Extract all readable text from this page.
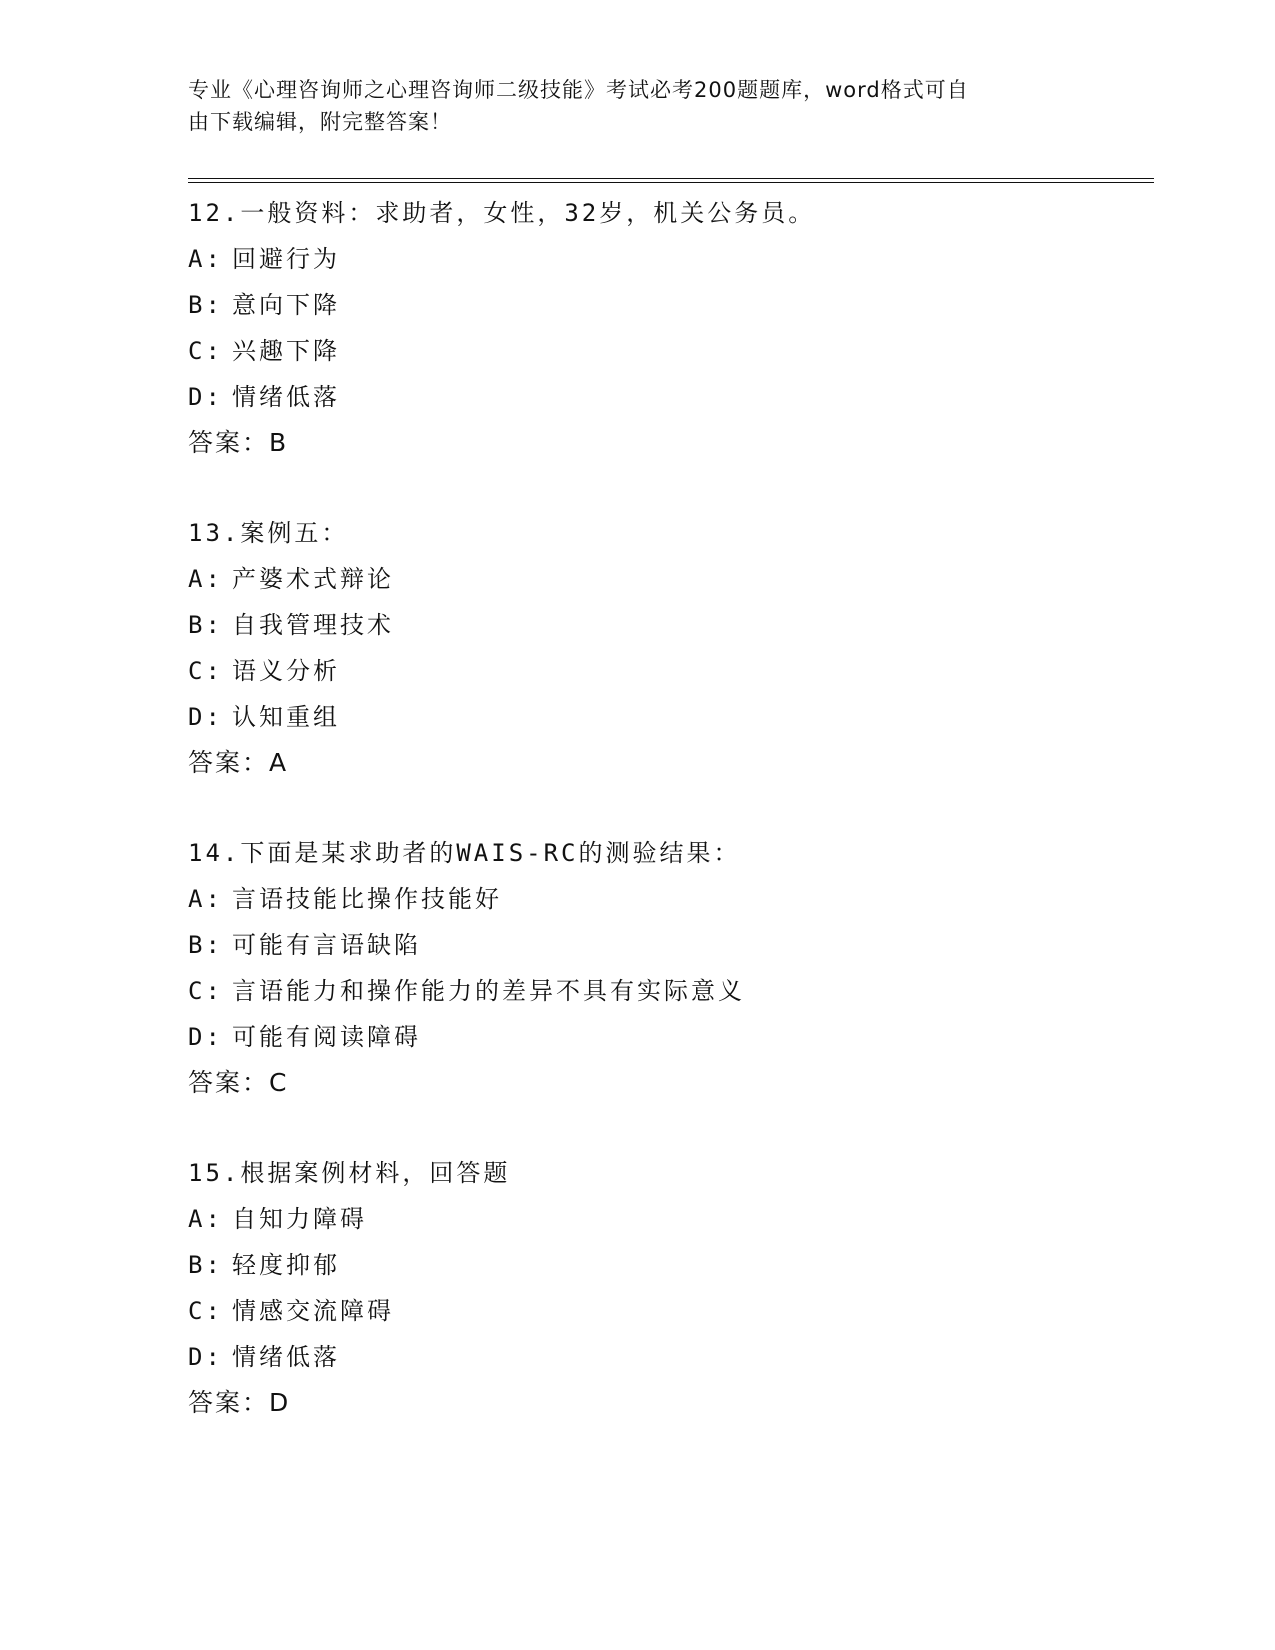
专业《心理咨询师之心理咨询师二级技能》考试必考200题题库，word格式可自
由下载编辑，附完整答案！
12.一般资料：求助者，女性，32岁，机关公务员。
A: 回避行为
B: 意向下降
C: 兴趣下降
D: 情绪低落
答案：B
13.案例五：
A: 产婆术式辩论
B: 自我管理技术
C: 语义分析
D: 认知重组
答案：A
14.下面是某求助者的WAIS-RC的测验结果：
A: 言语技能比操作技能好
B: 可能有言语缺陷
C: 言语能力和操作能力的差异不具有实际意义
D: 可能有阅读障碍
答案：C
15.根据案例材料，回答题
A: 自知力障碍
B: 轻度抑郁
C: 情感交流障碍
D: 情绪低落
答案：D
